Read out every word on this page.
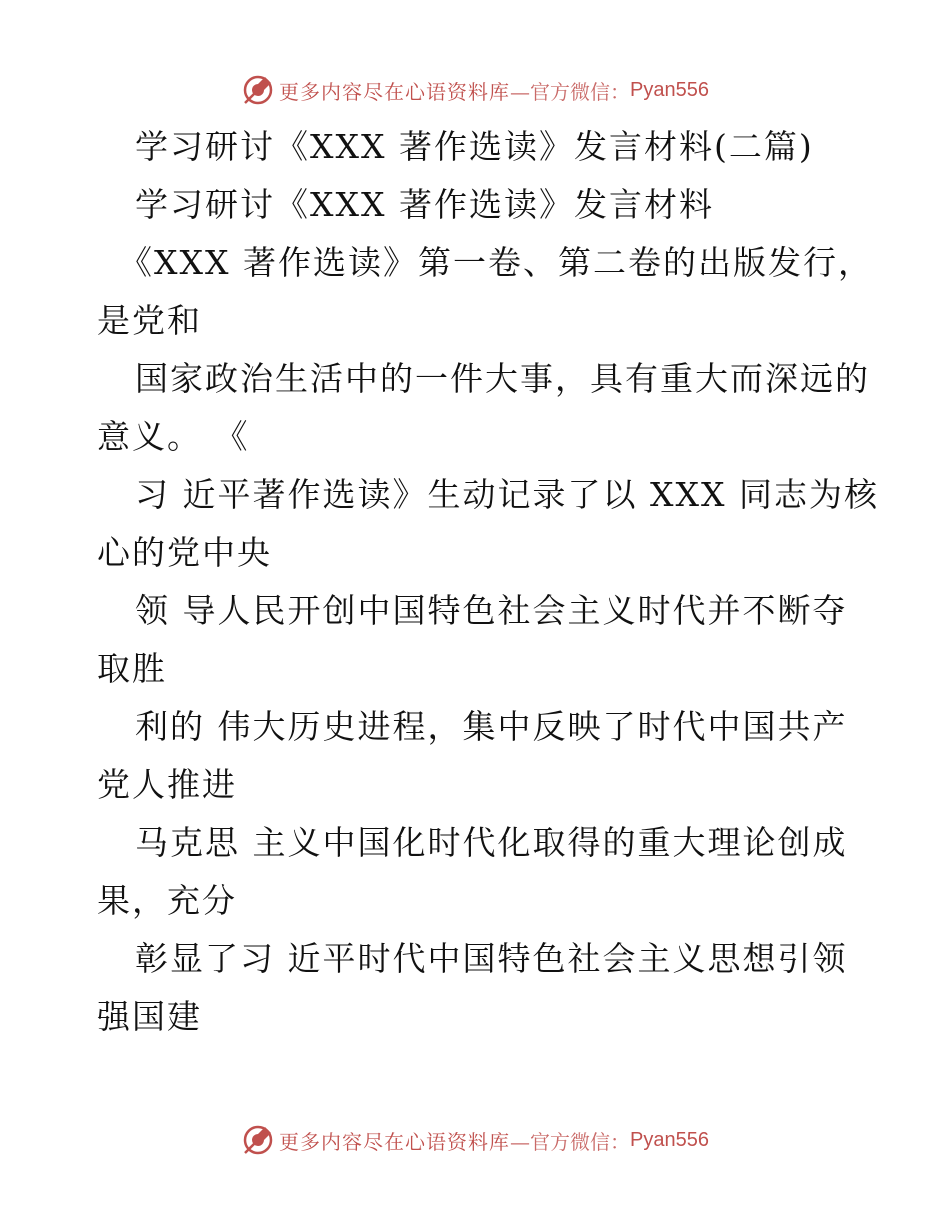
更多内容尽在心语资料库 —官方微信： Pyan556
学习研讨《XXX 著作选读》发言材料(二篇)
学习研讨《XXX 著作选读》发言材料
《XXX 著作选读》第一卷、第二卷的出版发行，
是党和
国家政治生活中的一件大事，具有重大而深远的
意义。 《
习 近平著作选读》生动记录了以 XXX 同志为核
心的党中央
领 导人民开创中国特色社会主义时代并不断夺
取胜
利的 伟大历史进程，集中反映了时代中国共产
党人推进
马克思 主义中国化时代化取得的重大理论创成
果，充分
彰显了习 近平时代中国特色社会主义思想引领
强国建
更多内容尽在心语资料库 —官方微信： Pyan556
